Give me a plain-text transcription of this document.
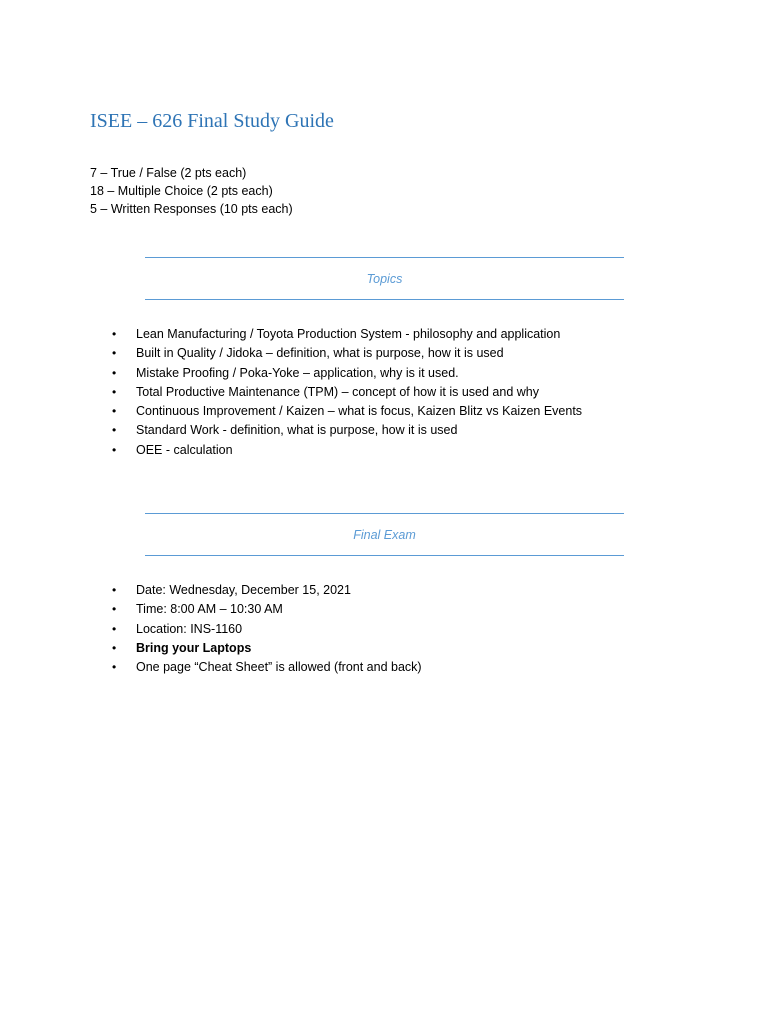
ISEE – 626 Final Study Guide
7 – True / False (2 pts each)
18 – Multiple Choice (2 pts each)
5 – Written Responses (10 pts each)
Topics
• Lean Manufacturing / Toyota Production System - philosophy and application
• Built in Quality / Jidoka – definition, what is purpose, how it is used
• Mistake Proofing / Poka-Yoke – application, why is it used.
• Total Productive Maintenance (TPM) – concept of how it is used and why
• Continuous Improvement / Kaizen – what is focus, Kaizen Blitz vs Kaizen Events
• Standard Work - definition, what is purpose, how it is used
• OEE - calculation
Final Exam
• Date: Wednesday, December 15, 2021
• Time: 8:00 AM – 10:30 AM
• Location: INS-1160
• Bring your Laptops
• One page “Cheat Sheet” is allowed (front and back)
